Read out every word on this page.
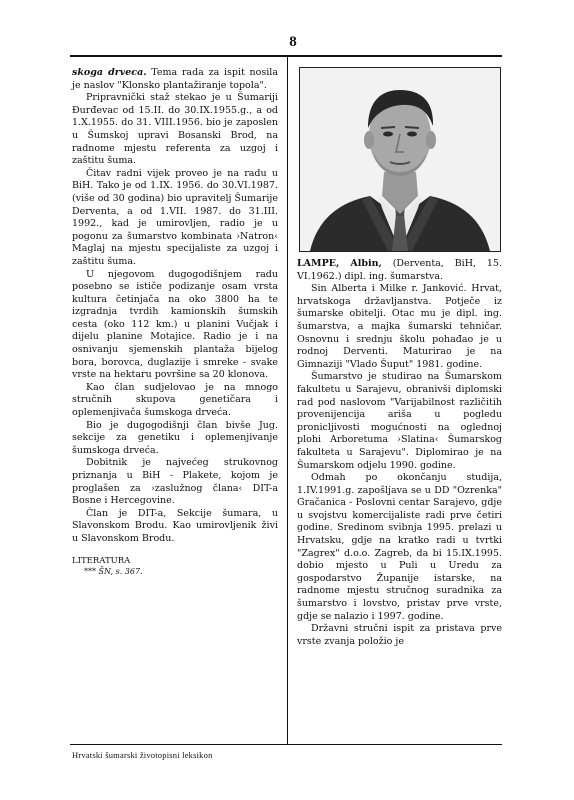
8

skoga drveca. Tema rada za ispit nosila je naslov "Klonsko plantažiranje topola".

Pripravnički staž stekao je u Šumariji Đurđevac od 15.II. do 30.IX.1955.g., a od 1.X.1955. do 31. VIII.1956. bio je zaposlen u Šumskoj upravi Bosanski Brod, na radnome mjestu referenta za uzgoj i zaštitu šuma.

Čitav radni vijek proveo je na radu u BiH. Tako je od 1.IX. 1956. do 30.VI.1987. (više od 30 godina) bio upravitelj Šumarije Derventa, a od 1.VII. 1987. do 31.III. 1992., kad je umirovljen, radio je u pogonu za šumarstvo kombinata ›Natron‹ Maglaj na mjestu specijaliste za uzgoj i zaštitu šuma.

U njegovom dugogodišnjem radu posebno se ističe podizanje osam vrsta kultura četinjača na oko 3800 ha te izgradnja tvrdih kamionskih šumskih cesta (oko 112 km.) u planini Vučjak i dijelu planine Motajice. Radio je i na osnivanju sjemenskih plantaža bijelog bora, borovca, duglazije i smreke - svake vrste na hektaru površine sa 20 klonova.

Kao član sudjelovao je na mnogo stručnih skupova genetičara i oplemenjivača šumskoga drveća.

Bio je dugogodišnji član bivše Jug. sekcije za genetiku i oplemenjivanje šumskoga drveća.

Dobitnik je najvećeg strukovnog priznanja u BiH - Plakete, kojom je proglašen za ›zaslužnog člana‹ DIT-a Bosne i Hercegovine.

Član je DIT-a, Sekcije šumara, u Slavonskom Brodu. Kao umirovljenik živi u Slavonskom Brodu.

LITERATURA

*** ŠN, s. 367.

LAMPE, Albin, (Derventa, BiH, 15. VI.1962.) dipl. ing. šumarstva.

Sin Alberta i Milke r. Janković. Hrvat, hrvatskoga državljanstva. Potječe iz šumarske obitelji. Otac mu je dipl. ing. šumarstva, a majka šumarski tehničar. Osnovnu i srednju školu pohađao je u rodnoj Derventi. Maturirao je na Gimnaziji "Vlado Šuput" 1981. godine.

Šumarstvo je studirao na Šumarskom fakultetu u Sarajevu, obranivši diplomski rad pod naslovom "Varijabilnost različitih provenijencija ariša u pogledu pronicljivosti mogućnosti na oglednoj plohi Arboretuma ›Slatina‹ Šumarskog fakulteta u Sarajevu". Diplomirao je na Šumarskom odjelu 1990. godine.

Odmah po okončanju studija, 1.IV.1991.g. zapošljava se u DD "Ozrenka" Gračanica - Poslovni centar Sarajevo, gdje u svojstvu komercijaliste radi prve četiri godine. Sredinom svibnja 1995. prelazi u Hrvatsku, gdje na kratko radi u tvrtki "Zagrex" d.o.o. Zagreb, da bi 15.IX.1995. dobio mjesto u Puli u Uredu za gospodarstvo Županije istarske, na radnome mjestu stručnog suradnika za šumarstvo i lovstvo, pristav prve vrste, gdje se nalazio i 1997. godine.

Državni stručni ispit za pristava prve vrste zvanja položio je

Hrvatski šumarski životopisni leksikon
